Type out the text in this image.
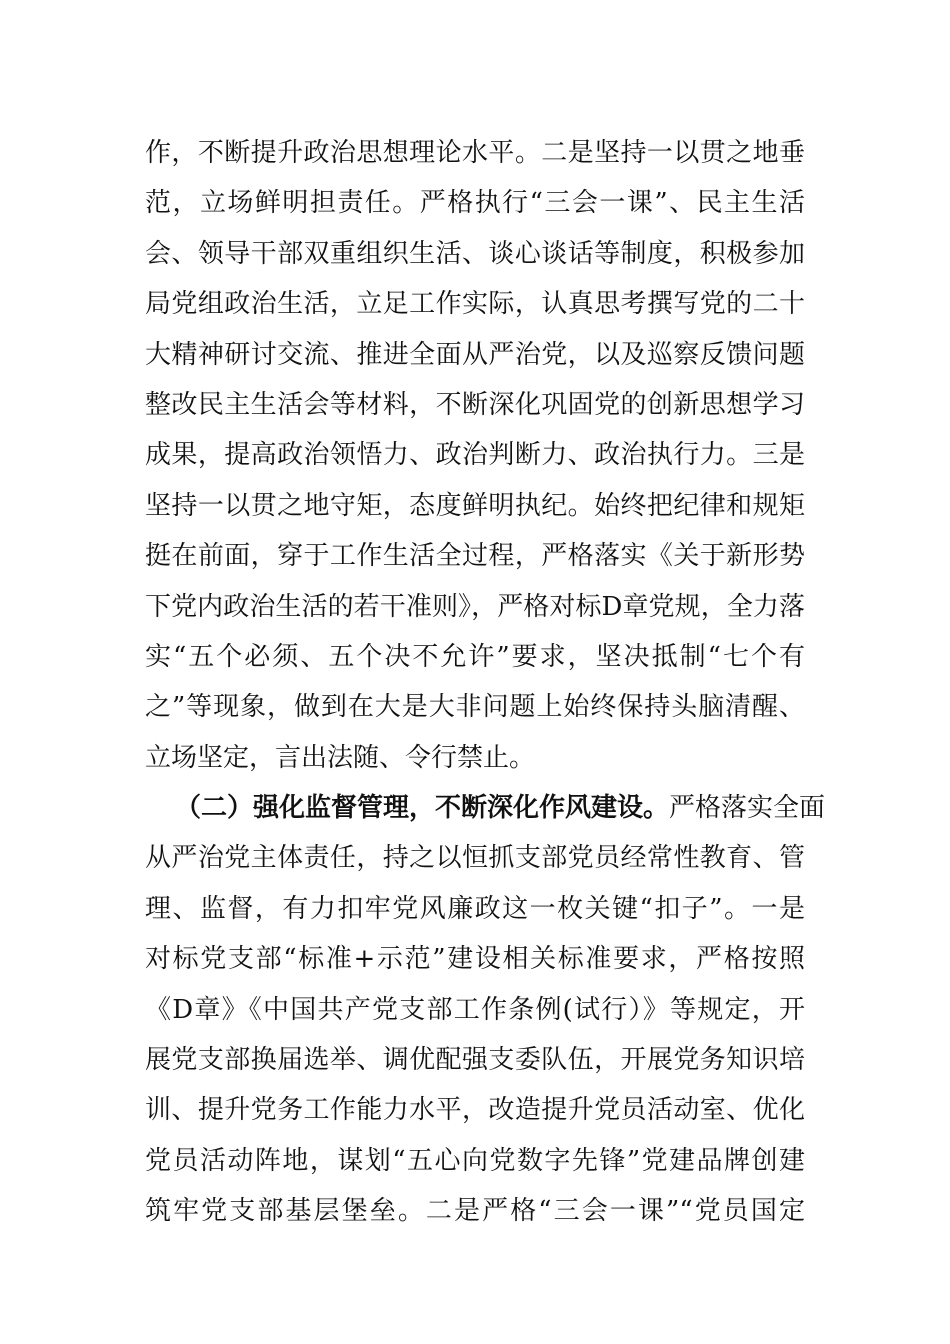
作，不断提升政治思想理论水平。二是坚持一以贯之地垂
范，立场鲜明担责任。严格执行“三会一课”、民主生活
会、领导干部双重组织生活、谈心谈话等制度，积极参加
局党组政治生活，立足工作实际，认真思考撰写党的二十
大精神研讨交流、推进全面从严治党，以及巡察反馈问题
整改民主生活会等材料，不断深化巩固党的创新思想学习
成果，提高政治领悟力、政治判断力、政治执行力。三是
坚持一以贯之地守矩，态度鲜明执纪。始终把纪律和规矩
挺在前面，穿于工作生活全过程，严格落实《关于新形势
下党内政治生活的若干准则》，严格对标D章党规，全力落
实“五个必须、五个决不允许”要求，坚决抵制“七个有
之”等现象，做到在大是大非问题上始终保持头脑清醒、
立场坚定，言出法随、令行禁止。
（二）强化监督管理，不断深化作风建设。严格落实全面
从严治党主体责任，持之以恒抓支部党员经常性教育、管
理、监督，有力扣牢党风廉政这一枚关键“扣子”。一是
对标党支部“标准+示范”建设相关标准要求，严格按照
《D章》《中国共产党支部工作条例(试行）》等规定，开
展党支部换届选举、调优配强支委队伍，开展党务知识培
训、提升党务工作能力水平，改造提升党员活动室、优化
党员活动阵地，谋划“五心向党数字先锋”党建品牌创建
筑牢党支部基层堡垒。二是严格“三会一课”“党员国定
